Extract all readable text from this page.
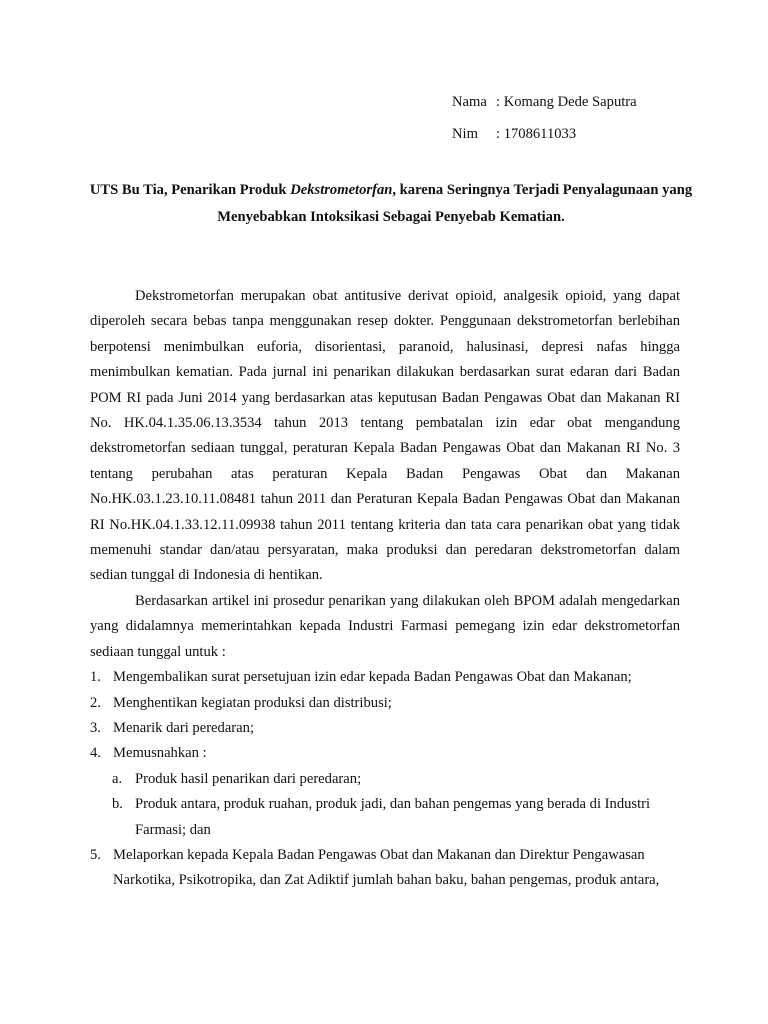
Nama : Komang Dede Saputra
Nim	: 1708611033
UTS Bu Tia, Penarikan Produk Dekstrometorfan, karena Seringnya Terjadi Penyalagunaan yang Menyebabkan Intoksikasi Sebagai Penyebab Kematian.

Dekstrometorfan merupakan obat antitusive derivat opioid, analgesik opioid, yang dapat diperoleh secara bebas tanpa menggunakan resep dokter. Penggunaan dekstrometorfan berlebihan berpotensi menimbulkan euforia, disorientasi, paranoid, halusinasi, depresi nafas hingga menimbulkan kematian. Pada jurnal ini penarikan dilakukan berdasarkan surat edaran dari Badan POM RI pada Juni 2014 yang berdasarkan atas keputusan Badan Pengawas Obat dan Makanan RI No. HK.04.1.35.06.13.3534 tahun 2013 tentang pembatalan izin edar obat mengandung dekstrometorfan sediaan tunggal, peraturan Kepala Badan Pengawas Obat dan Makanan RI No. 3 tentang perubahan atas peraturan Kepala Badan Pengawas Obat dan Makanan No.HK.03.1.23.10.11.08481 tahun 2011 dan Peraturan Kepala Badan Pengawas Obat dan Makanan RI No.HK.04.1.33.12.11.09938 tahun 2011 tentang kriteria dan tata cara penarikan obat yang tidak memenuhi standar dan/atau persyaratan, maka produksi dan peredaran dekstrometorfan dalam sedian tunggal di Indonesia di hentikan.

Berdasarkan artikel ini prosedur penarikan yang dilakukan oleh BPOM adalah mengedarkan yang didalamnya memerintahkan kepada Industri Farmasi pemegang izin edar dekstrometorfan sediaan tunggal untuk :

1. Mengembalikan surat persetujuan izin edar kepada Badan Pengawas Obat dan Makanan;
2. Menghentikan kegiatan produksi dan distribusi;
3. Menarik dari peredaran;
4. Memusnahkan :
a. Produk hasil penarikan dari peredaran;
b. Produk antara, produk ruahan, produk jadi, dan bahan pengemas yang berada di Industri Farmasi; dan
5. Melaporkan kepada Kepala Badan Pengawas Obat dan Makanan dan Direktur Pengawasan Narkotika, Psikotropika, dan Zat Adiktif jumlah bahan baku, bahan pengemas, produk antara,
